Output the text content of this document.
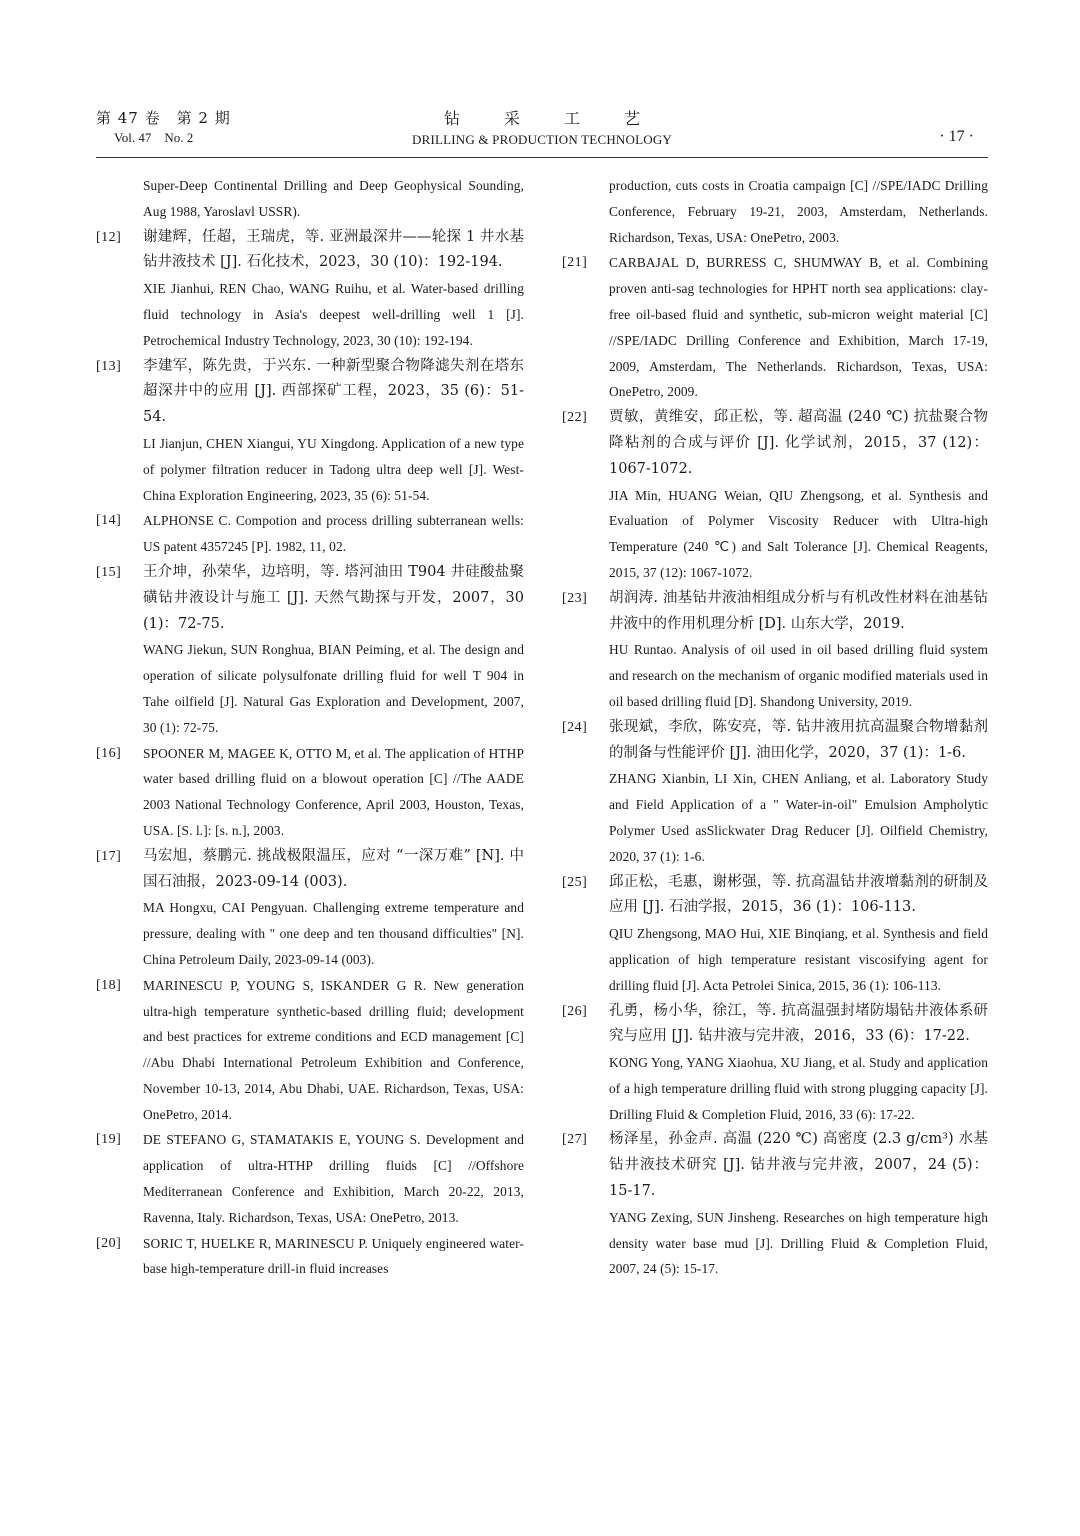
第 47 卷　第 2 期
Vol. 47　No. 2
钻采工艺
DRILLING & PRODUCTION TECHNOLOGY	· 17 ·
Super-Deep Continental Drilling and Deep Geophysical Sounding, Aug 1988, Yaroslavl USSR).
[12]	谢建辉，任超，王瑞虎，等. 亚洲最深井——轮探 1 井水基钻井液技术 [J]. 石化技术，2023，30 (10)：192-194.
XIE Jianhui, REN Chao, WANG Ruihu, et al. Water-based drilling fluid technology in Asia's deepest well-drilling well 1 [J]. Petrochemical Industry Technology, 2023, 30 (10): 192-194.
[13]	李建军，陈先贵，于兴东. 一种新型聚合物降滤失剂在塔东超深井中的应用 [J]. 西部探矿工程，2023，35 (6)：51-54.
LI Jianjun, CHEN Xiangui, YU Xingdong. Application of a new type of polymer filtration reducer in Tadong ultra deep well [J]. West-China Exploration Engineering, 2023, 35 (6): 51-54.
[14]	ALPHONSE C. Compotion and process drilling subterranean wells: US patent 4357245 [P]. 1982, 11, 02.
[15]	王介坤，孙荣华，边培明，等. 塔河油田 T904 井硅酸盐聚磺钻井液设计与施工 [J]. 天然气勘探与开发，2007，30 (1)：72-75.
WANG Jiekun, SUN Ronghua, BIAN Peiming, et al. The design and operation of silicate polysulfonate drilling fluid for well T 904 in Tahe oilfield [J]. Natural Gas Exploration and Development, 2007, 30 (1): 72-75.
[16]	SPOONER M, MAGEE K, OTTO M, et al. The application of HTHP water based drilling fluid on a blowout operation [C] //The AADE 2003 National Technology Conference, April 2003, Houston, Texas, USA. [S. l.]: [s. n.], 2003.
[17]	马宏旭，蔡鹏元. 挑战极限温压，应对 “一深万难” [N]. 中国石油报，2023-09-14 (003).
MA Hongxu, CAI Pengyuan. Challenging extreme temperature and pressure, dealing with " one deep and ten thousand difficulties" [N]. China Petroleum Daily, 2023-09-14 (003).
[18]	MARINESCU P, YOUNG S, ISKANDER G R. New generation ultra-high temperature synthetic-based drilling fluid; development and best practices for extreme conditions and ECD management [C] //Abu Dhabi International Petroleum Exhibition and Conference, November 10-13, 2014, Abu Dhabi, UAE. Richardson, Texas, USA: OnePetro, 2014.
[19]	DE STEFANO G, STAMATAKIS E, YOUNG S. Development and application of ultra-HTHP drilling fluids [C] //Offshore Mediterranean Conference and Exhibition, March 20-22, 2013, Ravenna, Italy. Richardson, Texas, USA: OnePetro, 2013.
[20]	SORIC T, HUELKE R, MARINESCU P. Uniquely engineered water-base high-temperature drill-in fluid increases
production, cuts costs in Croatia campaign [C] //SPE/IADC Drilling Conference, February 19-21, 2003, Amsterdam, Netherlands. Richardson, Texas, USA: OnePetro, 2003.
[21]	CARBAJAL D, BURRESS C, SHUMWAY B, et al. Combining proven anti-sag technologies for HPHT north sea applications: clay-free oil-based fluid and synthetic, sub-micron weight material [C] //SPE/IADC Drilling Conference and Exhibition, March 17-19, 2009, Amsterdam, The Netherlands. Richardson, Texas, USA: OnePetro, 2009.
[22]	贾敏，黄维安，邱正松，等. 超高温 (240 ℃) 抗盐聚合物降粘剂的合成与评价 [J]. 化学试剂，2015，37 (12)：1067-1072.
JIA Min, HUANG Weian, QIU Zhengsong, et al. Synthesis and Evaluation of Polymer Viscosity Reducer with Ultra-high Temperature (240 ℃) and Salt Tolerance [J]. Chemical Reagents, 2015, 37 (12): 1067-1072.
[23]	胡润涛. 油基钻井液油相组成分析与有机改性材料在油基钻井液中的作用机理分析 [D]. 山东大学，2019.
HU Runtao. Analysis of oil used in oil based drilling fluid system and research on the mechanism of organic modified materials used in oil based drilling fluid [D]. Shandong University, 2019.
[24]	张现斌，李欣，陈安亮，等. 钻井液用抗高温聚合物增黏剂的制备与性能评价 [J]. 油田化学，2020，37 (1)：1-6.
ZHANG Xianbin, LI Xin, CHEN Anliang, et al. Laboratory Study and Field Application of a " Water-in-oil" Emulsion Ampholytic Polymer Used asSlickwater Drag Reducer [J]. Oilfield Chemistry, 2020, 37 (1): 1-6.
[25]	邱正松，毛惠，谢彬强，等. 抗高温钻井液增黏剂的研制及应用 [J]. 石油学报，2015，36 (1)：106-113.
QIU Zhengsong, MAO Hui, XIE Binqiang, et al. Synthesis and field application of high temperature resistant viscosifying agent for drilling fluid [J]. Acta Petrolei Sinica, 2015, 36 (1): 106-113.
[26]	孔勇，杨小华，徐江，等. 抗高温强封堵防塌钻井液体系研究与应用 [J]. 钻井液与完井液，2016，33 (6)：17-22.
KONG Yong, YANG Xiaohua, XU Jiang, et al. Study and application of a high temperature drilling fluid with strong plugging capacity [J]. Drilling Fluid & Completion Fluid, 2016, 33 (6): 17-22.
[27]	杨泽星，孙金声. 高温 (220 ℃) 高密度 (2.3 g/cm³) 水基钻井液技术研究 [J]. 钻井液与完井液，2007，24 (5)：15-17.
YANG Zexing, SUN Jinsheng. Researches on high temperature high density water base mud [J]. Drilling Fluid & Completion Fluid, 2007, 24 (5): 15-17.
